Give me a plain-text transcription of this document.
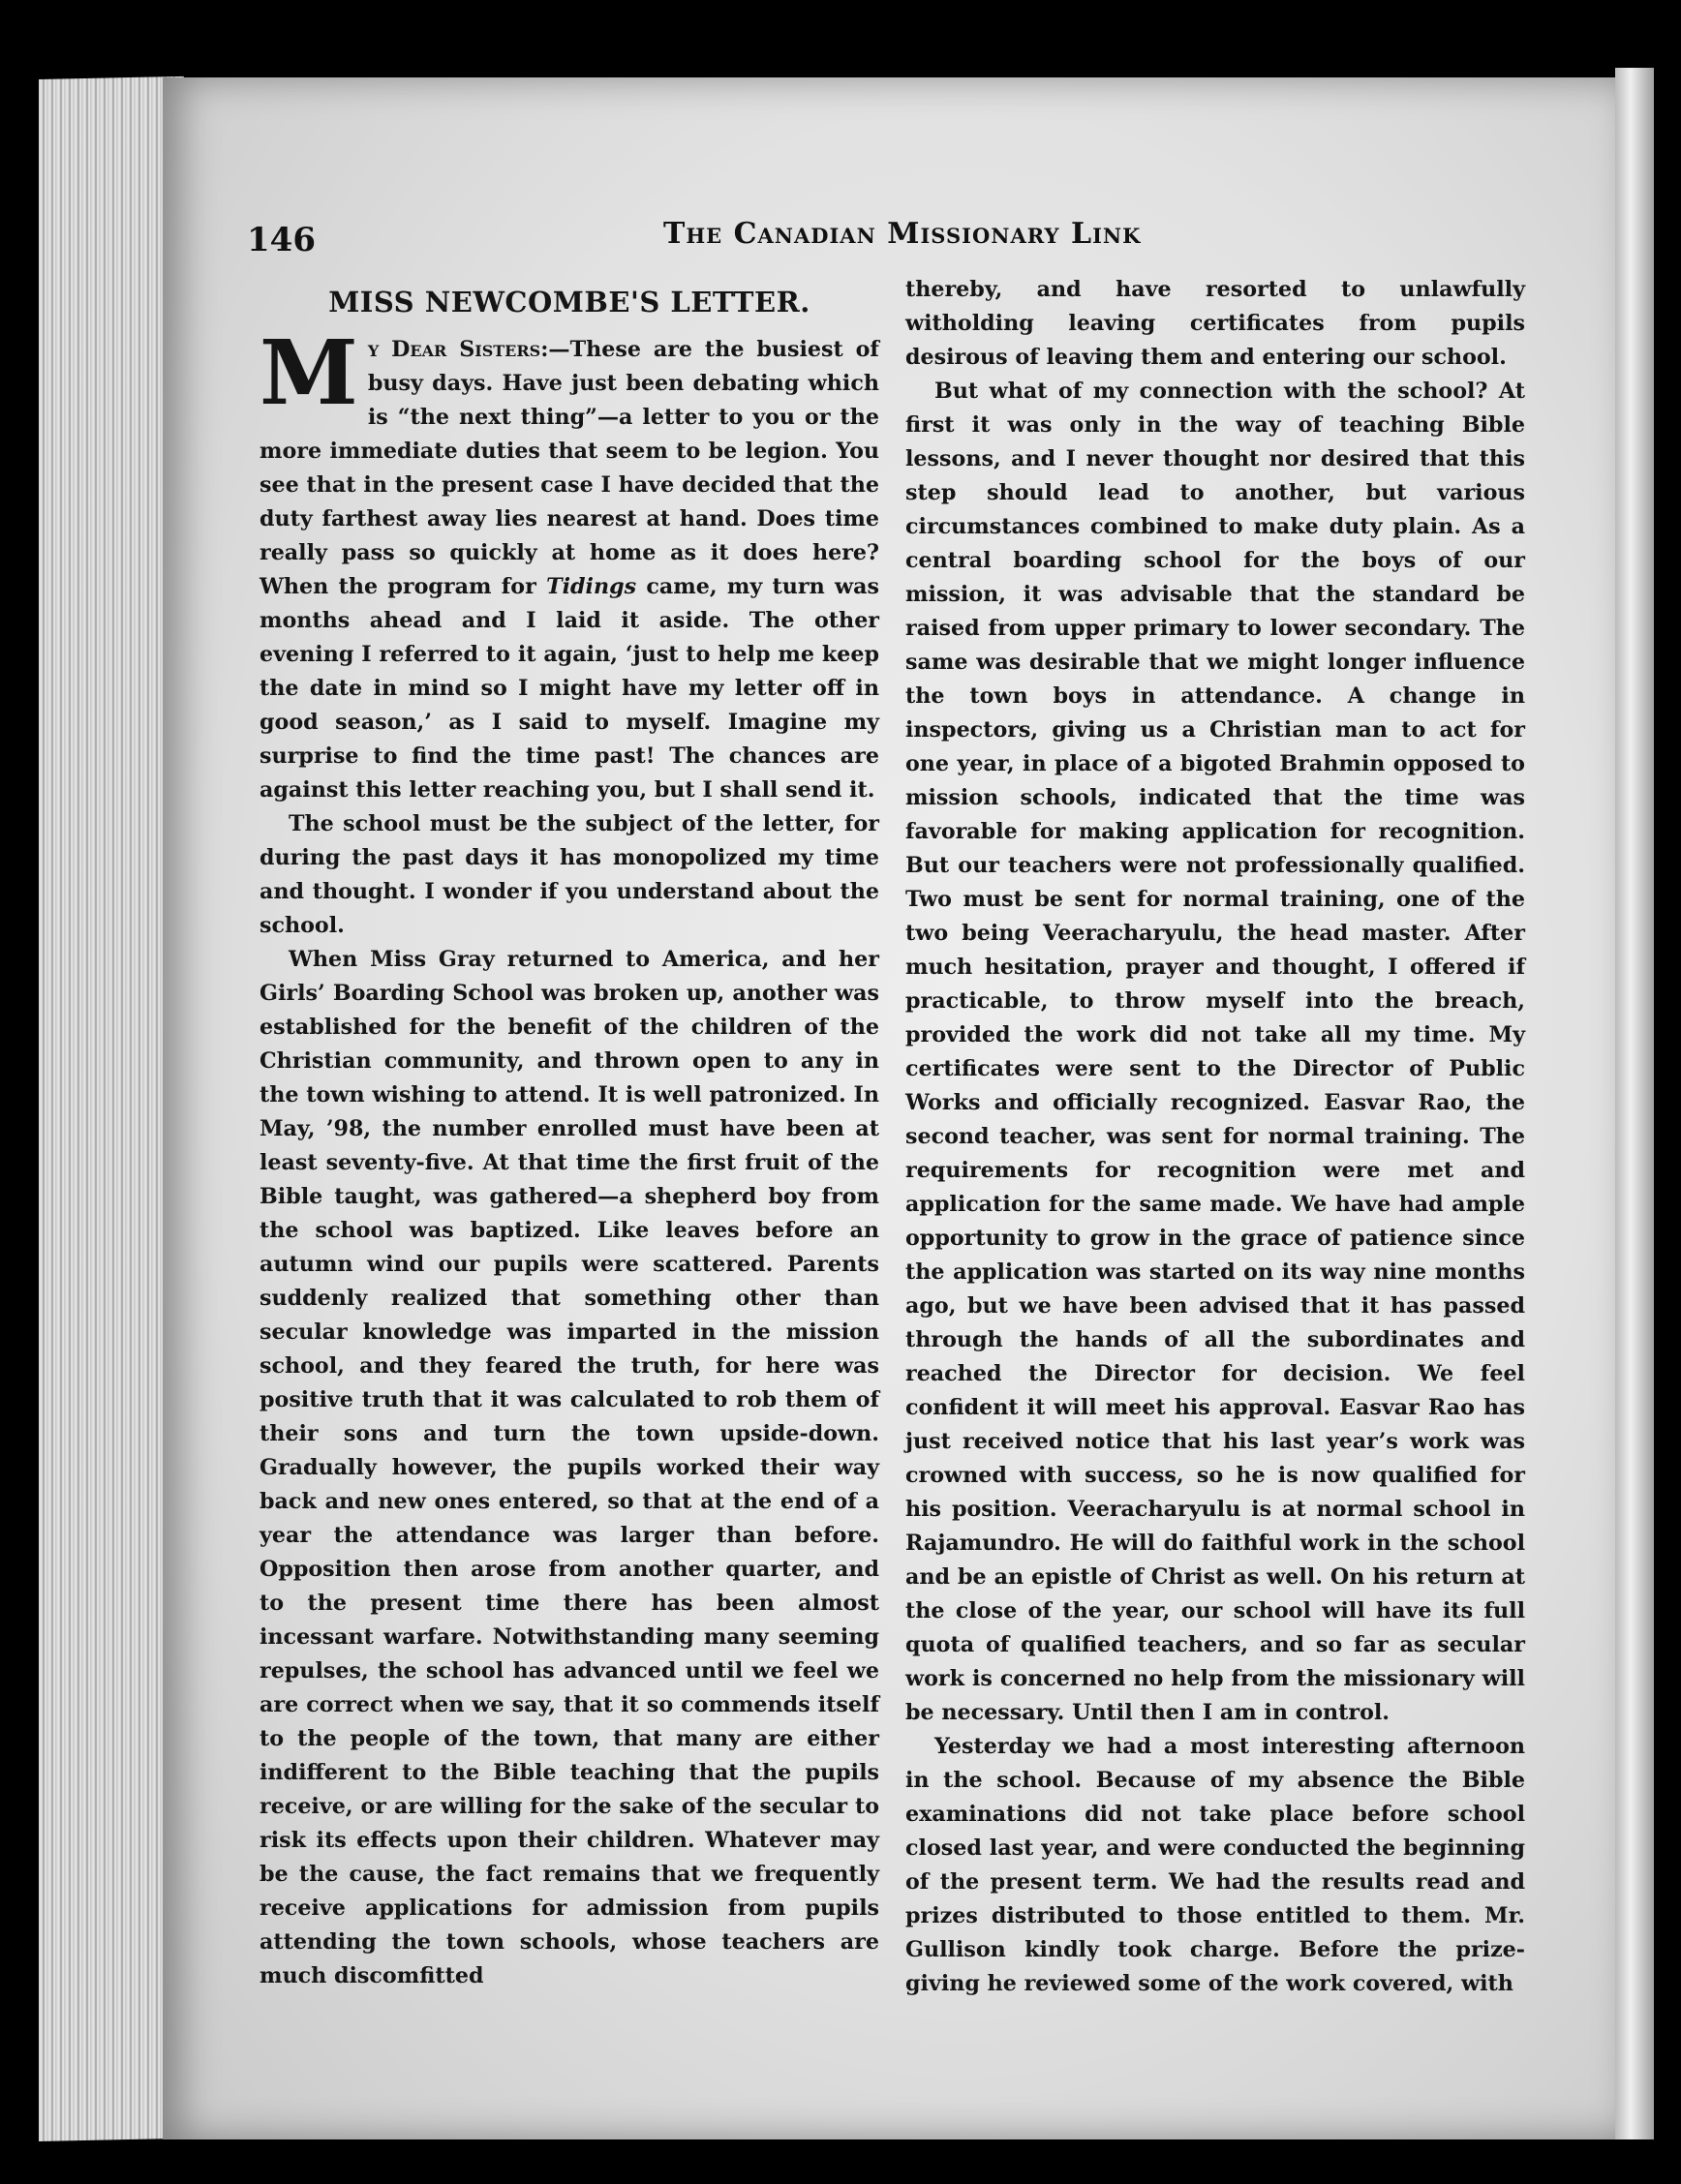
146	The Canadian Missionary Link
MISS NEWCOMBE'S LETTER.

My Dear Sisters:—These are the busiest of busy days. Have just been debating which is “the next thing”—a letter to you or the more immediate duties that seem to be legion. You see that in the present case I have decided that the duty farthest away lies nearest at hand. Does time really pass so quickly at home as it does here? When the program for Tidings came, my turn was months ahead and I laid it aside. The other evening I referred to it again, ‘just to help me keep the date in mind so I might have my letter off in good season,’ as I said to myself. Imagine my surprise to find the time past! The chances are against this letter reaching you, but I shall send it.

The school must be the subject of the letter, for during the past days it has monopolized my time and thought. I wonder if you understand about the school.

When Miss Gray returned to America, and her Girls’ Boarding School was broken up, another was established for the benefit of the children of the Christian community, and thrown open to any in the town wishing to attend. It is well patronized. In May, ’98, the number enrolled must have been at least seventy-five. At that time the first fruit of the Bible taught, was gathered—a shepherd boy from the school was baptized. Like leaves before an autumn wind our pupils were scattered. Parents suddenly realized that something other than secular knowledge was imparted in the mission school, and they feared the truth, for here was positive truth that it was calculated to rob them of their sons and turn the town upside-down. Gradually however, the pupils worked their way back and new ones entered, so that at the end of a year the attendance was larger than before. Opposition then arose from another quarter, and to the present time there has been almost incessant warfare. Notwithstanding many seeming repulses, the school has advanced until we feel we are correct when we say, that it so commends itself to the people of the town, that many are either indifferent to the Bible teaching that the pupils receive, or are willing for the sake of the secular to risk its effects upon their children. Whatever may be the cause, the fact remains that we frequently receive applications for admission from pupils attending the town schools, whose teachers are much discomfitted

thereby, and have resorted to unlawfully witholding leaving certificates from pupils desirous of leaving them and entering our school.

But what of my connection with the school? At first it was only in the way of teaching Bible lessons, and I never thought nor desired that this step should lead to another, but various circumstances combined to make duty plain. As a central boarding school for the boys of our mission, it was advisable that the standard be raised from upper primary to lower secondary. The same was desirable that we might longer influence the town boys in attendance. A change in inspectors, giving us a Christian man to act for one year, in place of a bigoted Brahmin opposed to mission schools, indicated that the time was favorable for making application for recognition. But our teachers were not professionally qualified. Two must be sent for normal training, one of the two being Veeracharyulu, the head master. After much hesitation, prayer and thought, I offered if practicable, to throw myself into the breach, provided the work did not take all my time. My certificates were sent to the Director of Public Works and officially recognized. Easvar Rao, the second teacher, was sent for normal training. The requirements for recognition were met and application for the same made. We have had ample opportunity to grow in the grace of patience since the application was started on its way nine months ago, but we have been advised that it has passed through the hands of all the subordinates and reached the Director for decision. We feel confident it will meet his approval. Easvar Rao has just received notice that his last year’s work was crowned with success, so he is now qualified for his position. Veeracharyulu is at normal school in Rajamundro. He will do faithful work in the school and be an epistle of Christ as well. On his return at the close of the year, our school will have its full quota of qualified teachers, and so far as secular work is concerned no help from the missionary will be necessary. Until then I am in control.

Yesterday we had a most interesting afternoon in the school. Because of my absence the Bible examinations did not take place before school closed last year, and were conducted the beginning of the present term. We had the results read and prizes distributed to those entitled to them. Mr. Gullison kindly took charge. Before the prize-giving he reviewed some of the work covered, with
